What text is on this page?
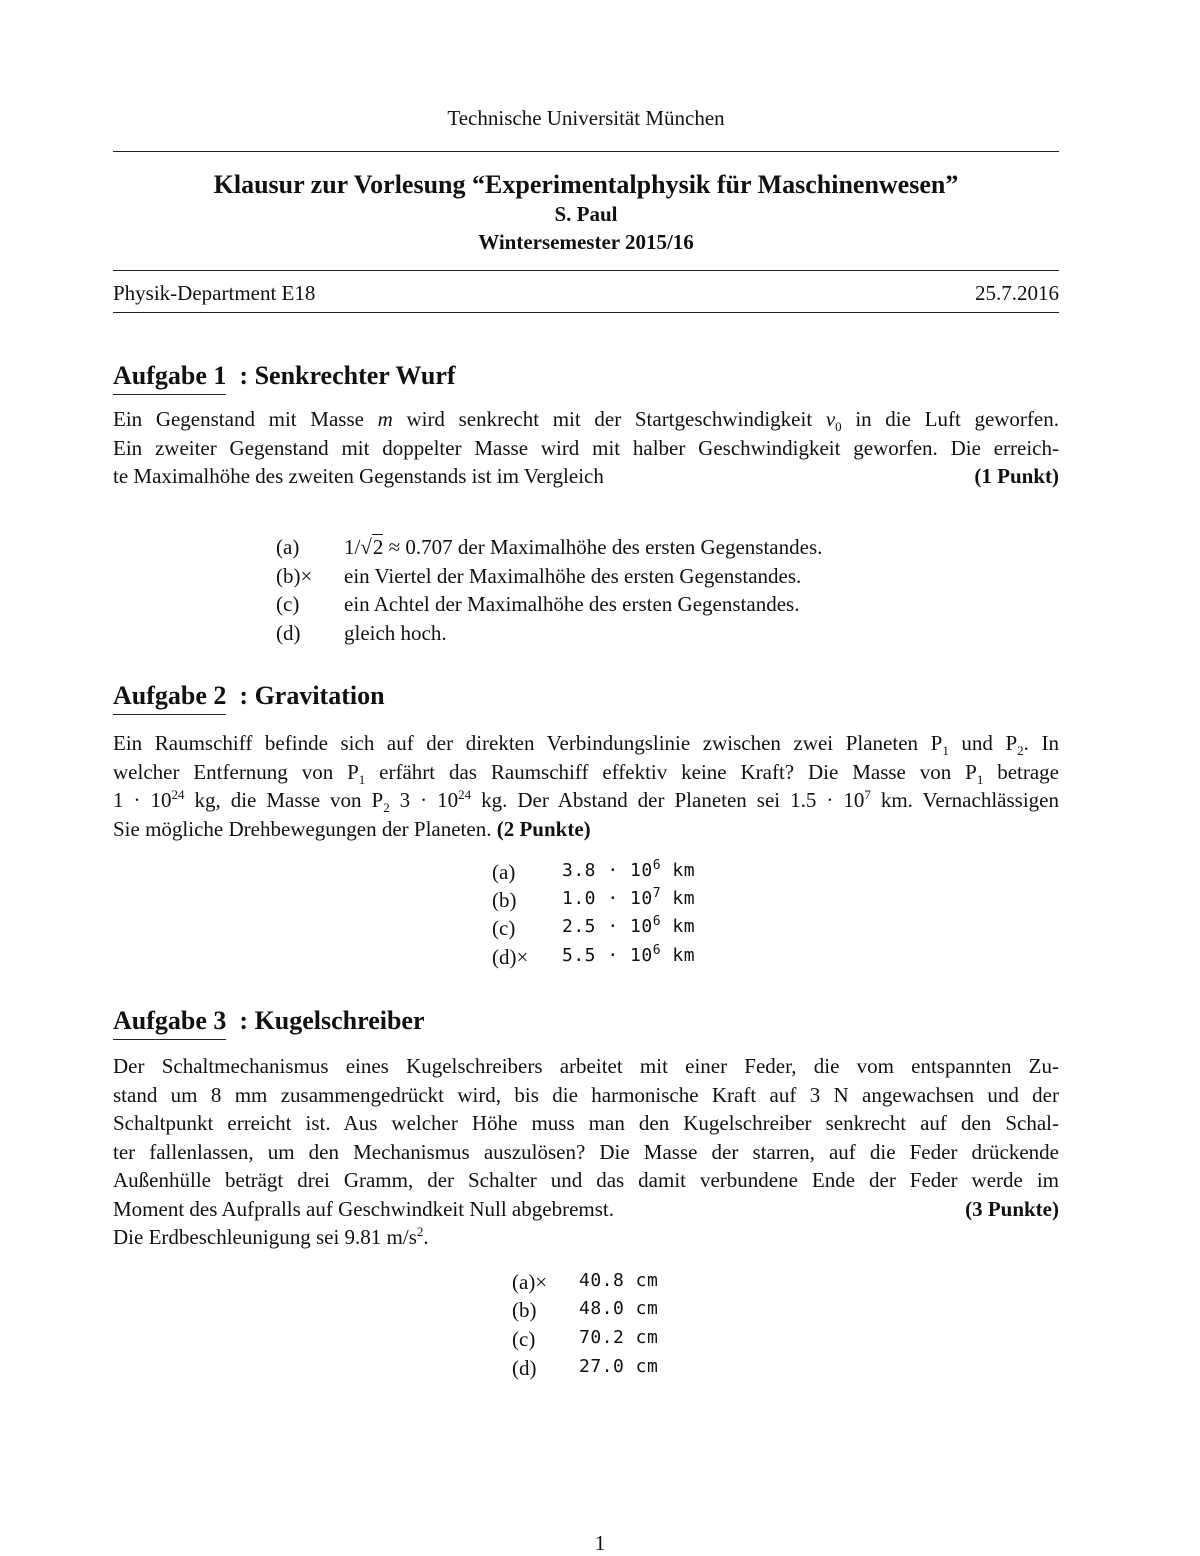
Technische Universität München
Klausur zur Vorlesung “Experimentalphysik für Maschinenwesen”
S. Paul
Wintersemester 2015/16
Physik-Department E18	25.7.2016
Aufgabe 1 : Senkrechter Wurf
Ein Gegenstand mit Masse m wird senkrecht mit der Startgeschwindigkeit $v_0$ in die Luft geworfen.
Ein zweiter Gegenstand mit doppelter Masse wird mit halber Geschwindigkeit geworfen. Die erreich-
te Maximalhöhe des zweiten Gegenstands ist im Vergleich	(1 Punkt)
(a)	1/√2 ≈ 0.707 der Maximalhöhe des ersten Gegenstandes.
(b)×	ein Viertel der Maximalhöhe des ersten Gegenstandes.
(c)	ein Achtel der Maximalhöhe des ersten Gegenstandes.
(d)	gleich hoch.
Aufgabe 2 : Gravitation
Ein Raumschiff befinde sich auf der direkten Verbindungslinie zwischen zwei Planeten $P_1$ und $P_2$. In
welcher Entfernung von $P_1$ erfährt das Raumschiff effektiv keine Kraft? Die Masse von $P_1$ betrage
$1 \cdot 10^{24}$ kg, die Masse von $P_2$ $3 \cdot 10^{24}$ kg. Der Abstand der Planeten sei $1.5 \cdot 10^7$ km. Vernachlässigen
Sie mögliche Drehbewegungen der Planeten. (2 Punkte)
(a)	$3.8 \cdot 10^6$ km
(b)	$1.0 \cdot 10^7$ km
(c)	$2.5 \cdot 10^6$ km
(d)×	$5.5 \cdot 10^6$ km
Aufgabe 3 : Kugelschreiber
Der Schaltmechanismus eines Kugelschreibers arbeitet mit einer Feder, die vom entspannten Zu-
stand um 8 mm zusammengedrückt wird, bis die harmonische Kraft auf 3 N angewachsen und der
Schaltpunkt erreicht ist. Aus welcher Höhe muss man den Kugelschreiber senkrecht auf den Schal-
ter fallenlassen, um den Mechanismus auszulösen? Die Masse der starren, auf die Feder drückende
Außenhülle beträgt drei Gramm, der Schalter und das damit verbundene Ende der Feder werde im
Moment des Aufpralls auf Geschwindkeit Null abgebremst.	(3 Punkte)
Die Erdbeschleunigung sei 9.81 $m/s^2$.
(a)×	40.8 cm
(b)	48.0 cm
(c)	70.2 cm
(d)	27.0 cm
1
